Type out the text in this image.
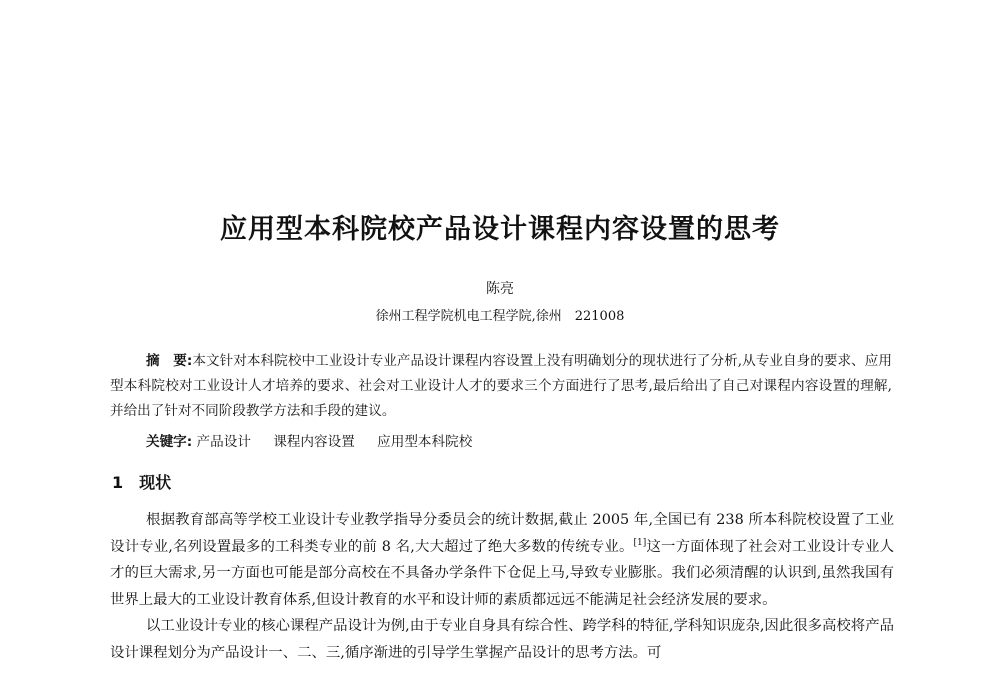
应用型本科院校产品设计课程内容设置的思考
陈亮
徐州工程学院机电工程学院,徐州　221008
摘　要:本文针对本科院校中工业设计专业产品设计课程内容设置上没有明确划分的现状进行了分析,从专业自身的要求、应用型本科院校对工业设计人才培养的要求、社会对工业设计人才的要求三个方面进行了思考,最后给出了自己对课程内容设置的理解,并给出了针对不同阶段教学方法和手段的建议。
关键字: 产品设计 课程内容设置 应用型本科院校
1 现状

根据教育部高等学校工业设计专业教学指导分委员会的统计数据,截止 2005 年,全国已有 238 所本科院校设置了工业设计专业,名列设置最多的工科类专业的前 8 名,大大超过了绝大多数的传统专业。[1]这一方面体现了社会对工业设计专业人才的巨大需求,另一方面也可能是部分高校在不具备办学条件下仓促上马,导致专业膨胀。我们必须清醒的认识到,虽然我国有世界上最大的工业设计教育体系,但设计教育的水平和设计师的素质都远远不能满足社会经济发展的要求。

以工业设计专业的核心课程产品设计为例,由于专业自身具有综合性、跨学科的特征,学科知识庞杂,因此很多高校将产品设计课程划分为产品设计一、二、三,循序渐进的引导学生掌握产品设计的思考方法。可
